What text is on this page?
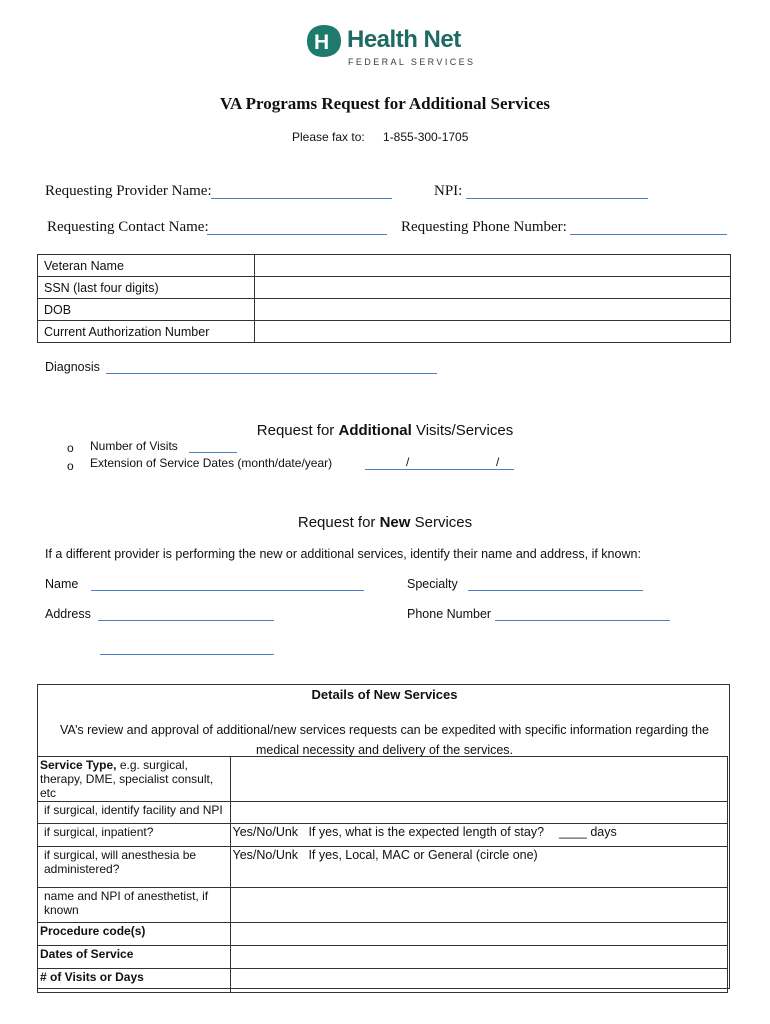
H Health Net
FEDERAL SERVICES
VA Programs Request for Additional Services
Please fax to: 1-855-300-1705
Requesting Provider Name:	NPI:
Requesting Contact Name:	Requesting Phone Number:
Veteran Name	
SSN (last four digits)	
DOB	
Current Authorization Number	
Diagnosis
Request for Additional Visits/Services
o Number of Visits
o Extension of Service Dates (month/date/year)	/	/
Request for New Services
If a different provider is performing the new or additional services, identify their name and address, if known:
Name	Specialty
Address	Phone Number
Details of New Services
VA’s review and approval of additional/new services requests can be expedited with specific information regarding the medical necessity and delivery of the services.
Service Type, e.g. surgical, therapy, DME, specialist consult, etc	
if surgical, identify facility and NPI	
if surgical, inpatient?	Yes/No/Unk   If yes, what is the expected length of stay? ____ days
if surgical, will anesthesia be administered?	Yes/No/Unk   If yes, Local, MAC or General (circle one)
name and NPI of anesthetist, if known	
Procedure code(s)	
Dates of Service	
# of Visits or Days	
